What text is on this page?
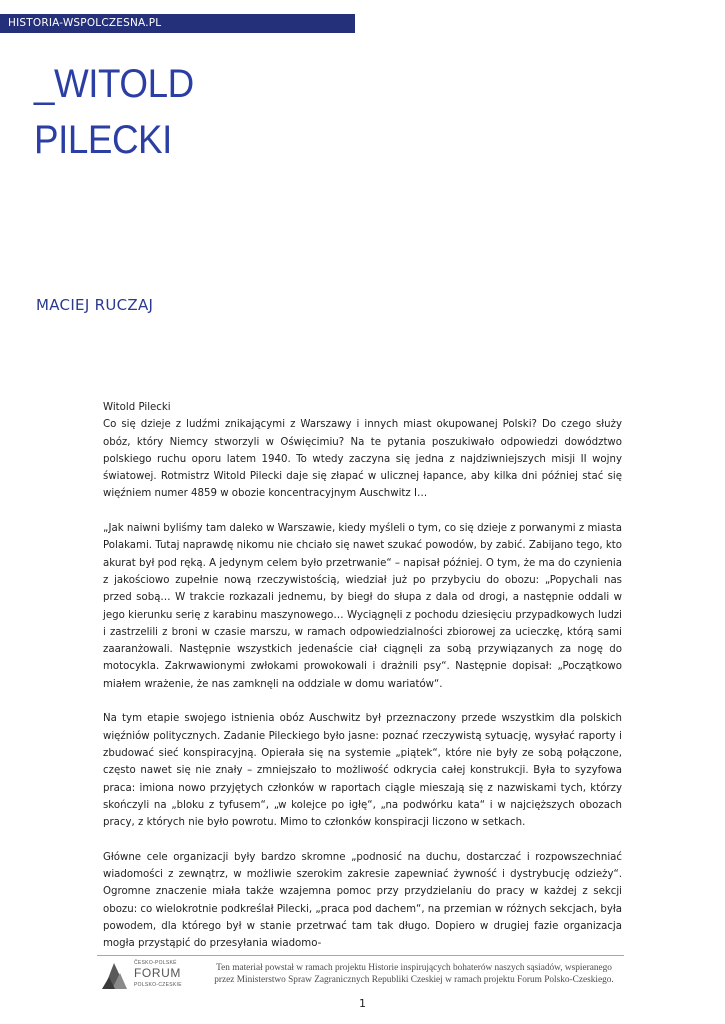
HISTORIA-WSPOLCZESNA.PL
_WITOLD
PILECKI
MACIEJ RUCZAJ

Witold Pilecki

Co się dzieje z ludźmi znikającymi z Warszawy i innych miast okupowanej Polski? Do czego służy obóz, który Niemcy stworzyli w Oświęcimiu? Na te pytania poszukiwało odpowiedzi dowództwo polskiego ruchu oporu latem 1940. To wtedy zaczyna się jedna z najdziwniejszych misji II wojny światowej. Rotmistrz Witold Pilecki daje się złapać w ulicznej łapance, aby kilka dni później stać się więźniem numer 4859 w obozie koncentracyjnym Auschwitz I…

„Jak naiwni byliśmy tam daleko w Warszawie, kiedy myśleli o tym, co się dzieje z porwanymi z miasta Polakami. Tutaj naprawdę nikomu nie chciało się nawet szukać powodów, by zabić. Zabijano tego, kto akurat był pod ręką. A jedynym celem było przetrwanie“ – napisał później. O tym, że ma do czynienia z jakościowo zupełnie nową rzeczywistością, wiedział już po przybyciu do obozu: „Popychali nas przed sobą… W trakcie rozkazali jednemu, by biegł do słupa z dala od drogi, a następnie oddali w jego kierunku serię z karabinu maszynowego… Wyciągnęli z pochodu dziesięciu przypadkowych ludzi i zastrzelili z broni w czasie marszu, w ramach odpowiedzialności zbiorowej za ucieczkę, którą sami zaaranżowali. Następnie wszystkich jedenaście ciał ciągnęli za sobą przywiązanych za nogę do motocykla. Zakrwawionymi zwłokami prowokowali i drażnili psy“. Następnie dopisał: „Początkowo miałem wrażenie, że nas zamknęli na oddziale w domu wariatów“.

Na tym etapie swojego istnienia obóz Auschwitz był przeznaczony przede wszystkim dla polskich więźniów politycznych. Zadanie Pileckiego było jasne: poznać rzeczywistą sytuację, wysyłać raporty i zbudować sieć konspiracyjną. Opierała się na systemie „piątek“, które nie były ze sobą połączone, często nawet się nie znały – zmniejszało to możliwość odkrycia całej konstrukcji. Była to syzyfowa praca: imiona nowo przyjętych członków w raportach ciągle mieszają się z nazwiskami tych, którzy skończyli na „bloku z tyfusem“, „w kolejce po igłę“, „na podwórku kata“ i w najcięższych obozach pracy, z których nie było powrotu. Mimo to członków konspiracji liczono w setkach.

Główne cele organizacji były bardzo skromne „podnosić na duchu, dostarczać i rozpowszechniać wiadomości z zewnątrz, w możliwie szerokim zakresie zapewniać żywność i dystrybucję odzieży“. Ogromne znaczenie miała także wzajemna pomoc przy przydzielaniu do pracy w każdej z sekcji obozu: co wielokrotnie podkreślał Pilecki, „praca pod dachem“, na przemian w różnych sekcjach, była powodem, dla którego był w stanie przetrwać tam tak długo. Dopiero w drugiej fazie organizacja mogła przystąpić do przesyłania wiadomo-

ČESKO-POLSKÉ
FORUM
POLSKO-CZESKIE
Ten materiał powstał w ramach projektu Historie inspirujących bohaterów naszych sąsiadów, wspieranego
przez Ministerstwo Spraw Zagranicznych Republiki Czeskiej w ramach projektu Forum Polsko-Czeskiego.
1
